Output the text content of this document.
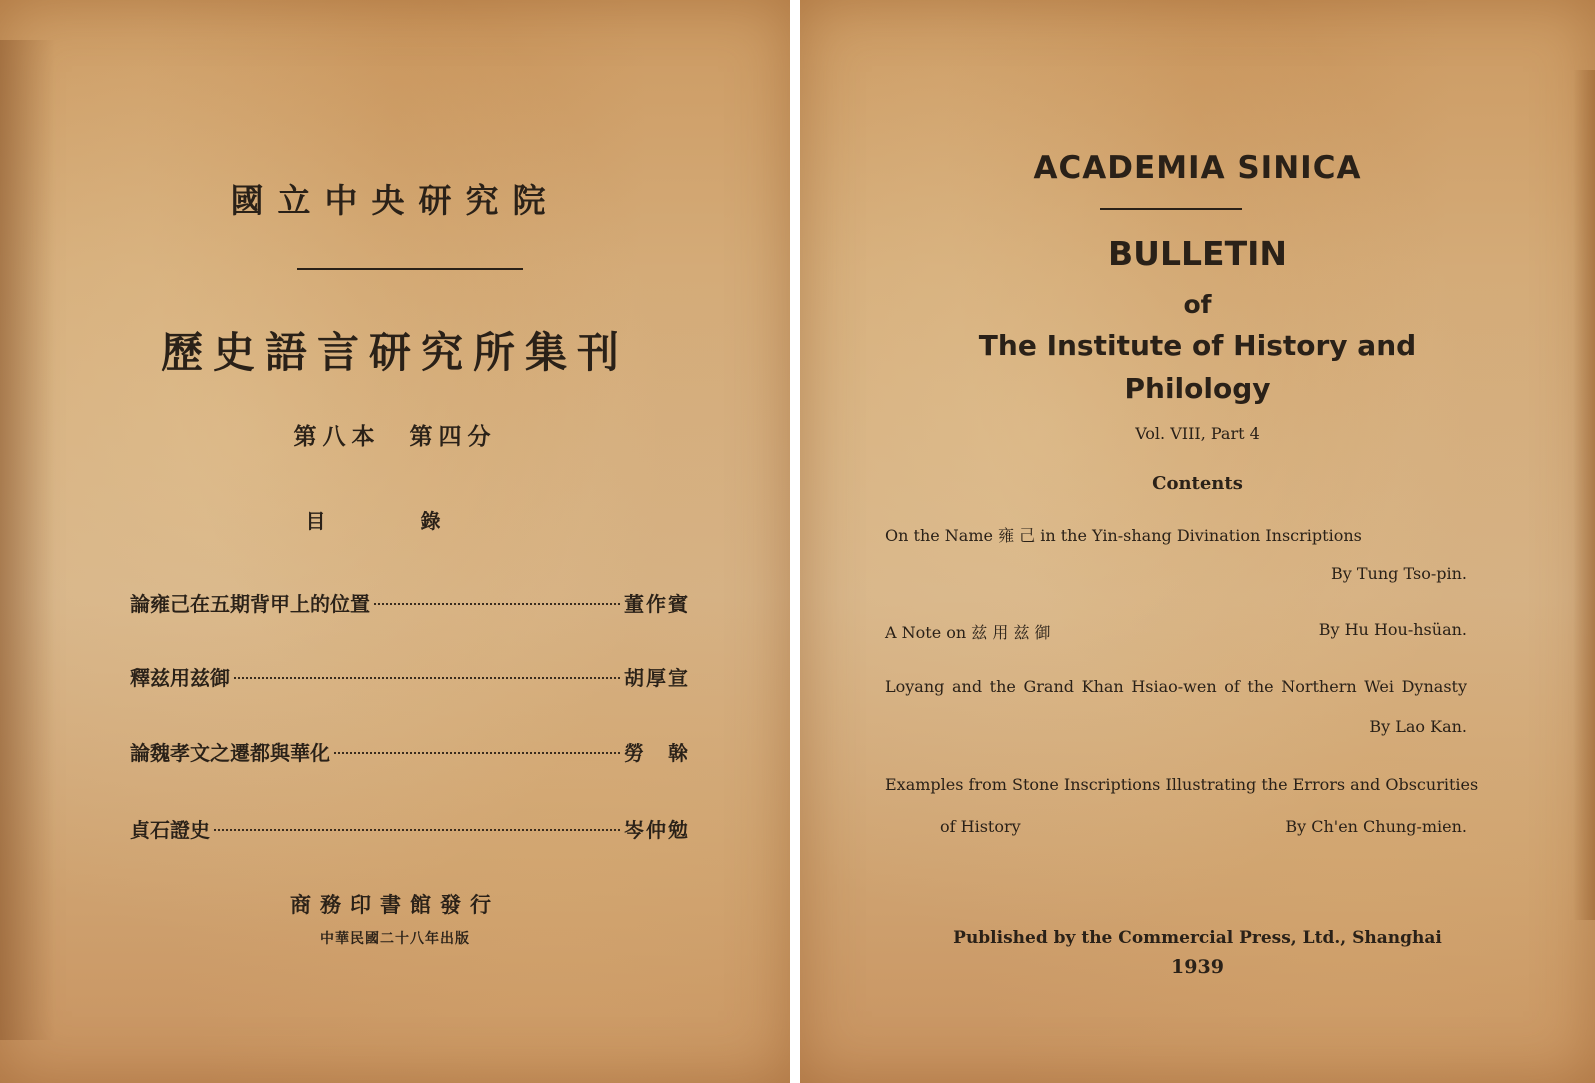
國立中央研究院
歷史語言研究所集刊
第八本　第四分
目 錄
論雍己在五期背甲上的位置	董作賓
釋兹用兹御	胡厚宣
論魏孝文之遷都與華化	勞　榦
貞石證史	岑仲勉
商務印書館發行
中華民國二十八年出版
ACADEMIA SINICA
BULLETIN
of
The Institute of History and
Philology
Vol. VIII, Part 4
Contents
On the Name 雍 己 in the Yin-shang Divination Inscriptions
By Tung Tso-pin.
A Note on 兹 用 兹 御	By Hu Hou-hsüan.
Loyang and the Grand Khan Hsiao-wen of the Northern Wei Dynasty
By Lao Kan.
Examples from Stone Inscriptions Illustrating the Errors and Obscurities
of History	By Ch'en Chung-mien.
Published by the Commercial Press, Ltd., Shanghai
1939
